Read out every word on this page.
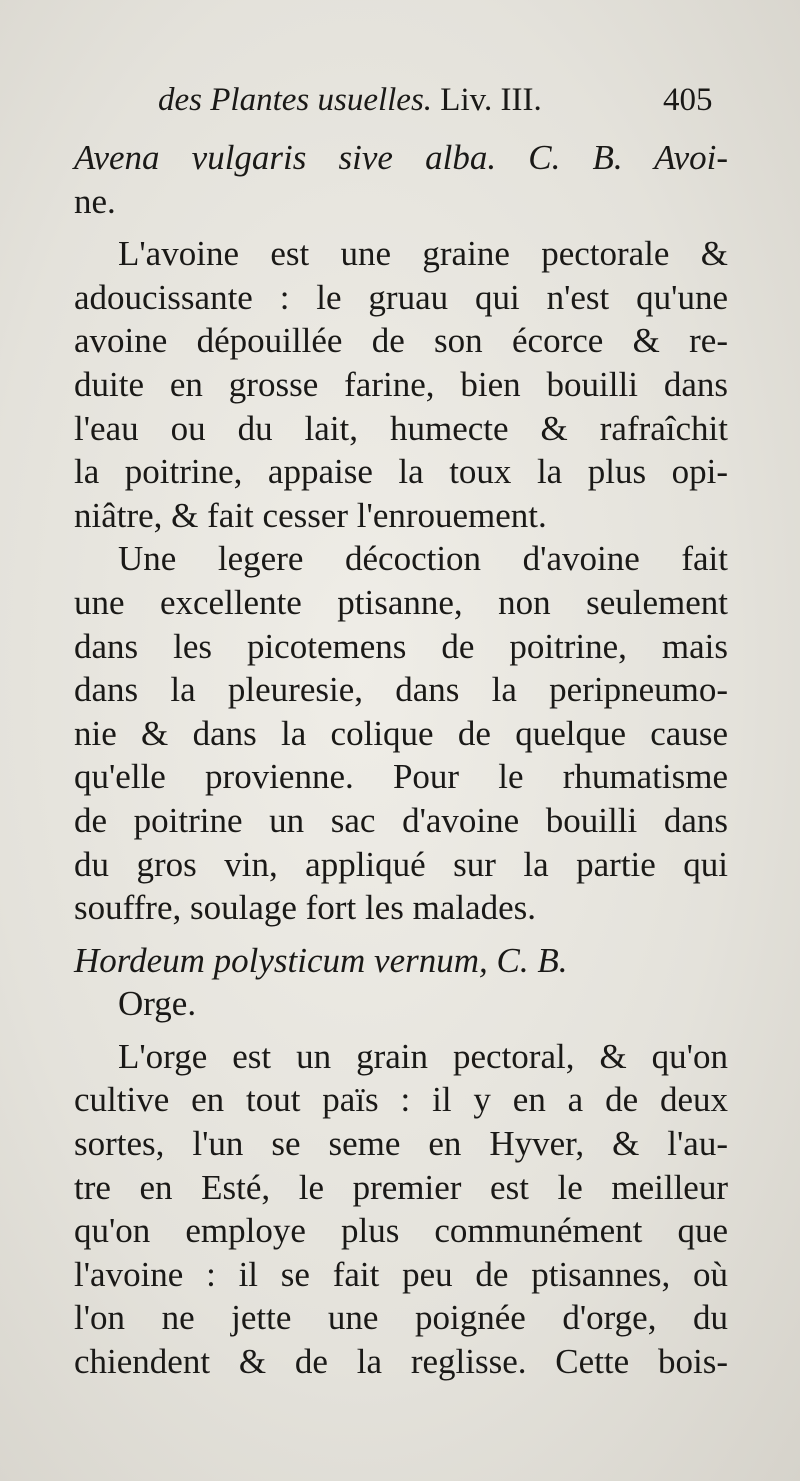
des Plantes usuelles. Liv. III.	405
Avena vulgaris sive alba. C. B. Avoi-
ne.
L'avoine est une graine pectorale &
adoucissante : le gruau qui n'est qu'une
avoine dépouillée de son écorce & re-
duite en grosse farine, bien bouilli dans
l'eau ou du lait, humecte & rafraîchit
la poitrine, appaise la toux la plus opi-
niâtre, & fait cesser l'enrouement.
Une legere décoction d'avoine fait
une excellente ptisanne, non seulement
dans les picotemens de poitrine, mais
dans la pleuresie, dans la peripneumo-
nie & dans la colique de quelque cause
qu'elle provienne. Pour le rhumatisme
de poitrine un sac d'avoine bouilli dans
du gros vin, appliqué sur la partie qui
souffre, soulage fort les malades.
Hordeum polysticum vernum, C. B.
Orge.
L'orge est un grain pectoral, & qu'on
cultive en tout païs : il y en a de deux
sortes, l'un se seme en Hyver, & l'au-
tre en Esté, le premier est le meilleur
qu'on employe plus communément que
l'avoine : il se fait peu de ptisannes, où
l'on ne jette une poignée d'orge, du
chiendent & de la reglisse. Cette bois-
